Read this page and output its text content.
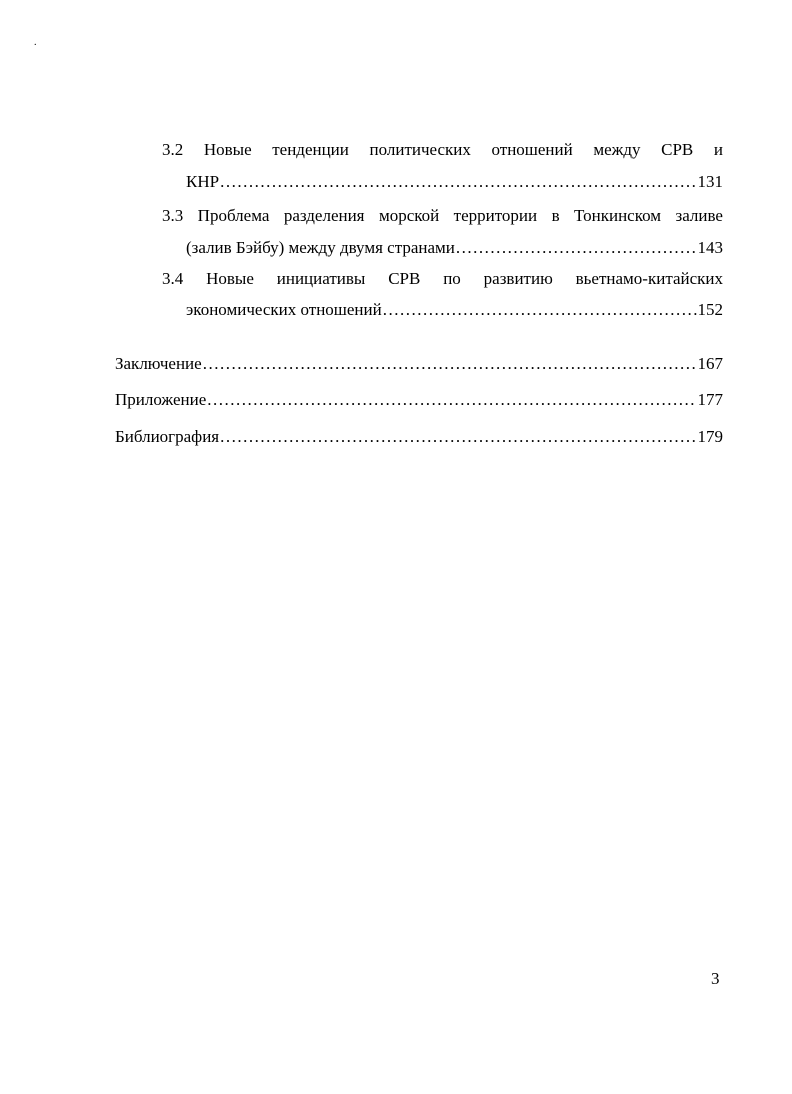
.
3.2 Новые тенденции политических отношений между СРВ и
КНР .....	131
3.3 Проблема разделения морской территории в Тонкинском заливе
(залив Бэйбу) между двумя странами .....	143
3.4 Новые инициативы СРВ по развитию вьетнамо-китайских
экономических отношений .....	152
Заключение .....	167
Приложение .....	177
Библиография .....	179
3
